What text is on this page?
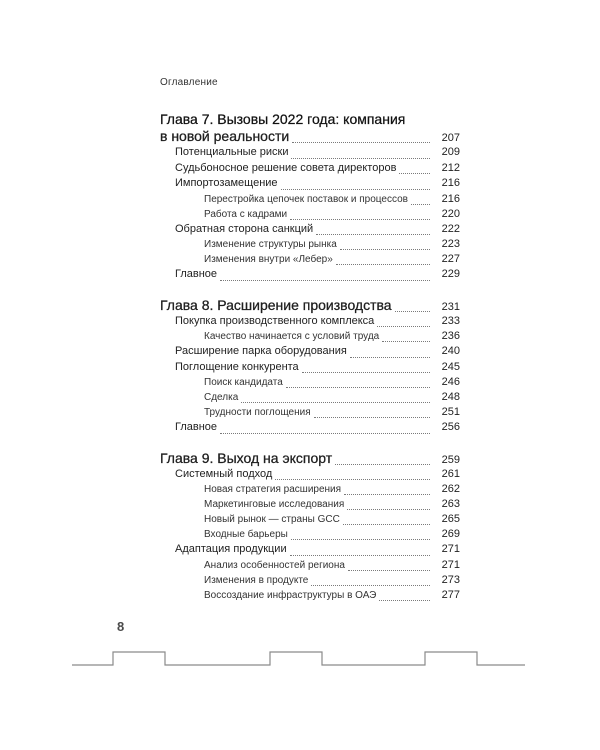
Оглавление
Глава 7. Вызовы 2022 года: компания
в новой реальности	207
Потенциальные риски	209
Судьбоносное решение совета директоров	212
Импортозамещение	216
Перестройка цепочек поставок и процессов	216
Работа с кадрами	220
Обратная сторона санкций	222
Изменение структуры рынка	223
Изменения внутри «Лебер»	227
Главное	229
Глава 8. Расширение производства	231
Покупка производственного комплекса	233
Качество начинается с условий труда	236
Расширение парка оборудования	240
Поглощение конкурента	245
Поиск кандидата	246
Сделка	248
Трудности поглощения	251
Главное	256
Глава 9. Выход на экспорт	259
Системный подход	261
Новая стратегия расширения	262
Маркетинговые исследования	263
Новый рынок — страны GCC	265
Входные барьеры	269
Адаптация продукции	271
Анализ особенностей региона	271
Изменения в продукте	273
Воссоздание инфраструктуры в ОАЭ	277
8
